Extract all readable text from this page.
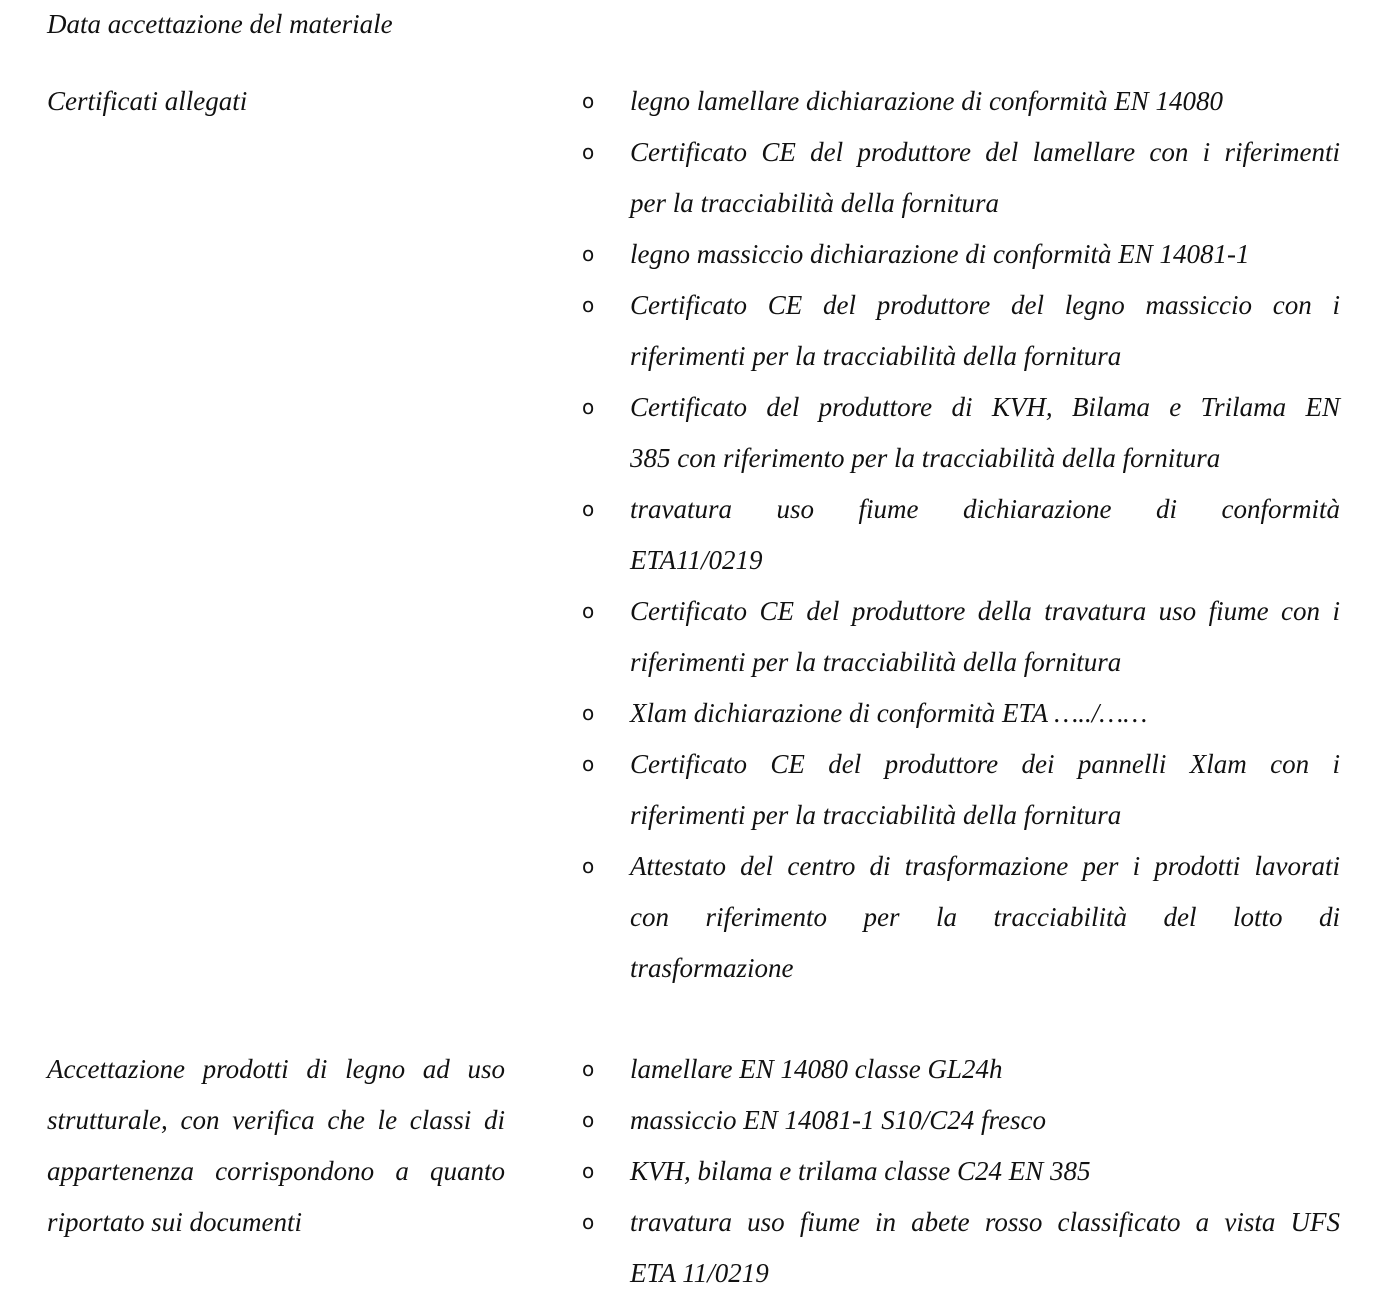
Data accettazione del materiale
Certificati allegati	o legno lamellare dichiarazione di conformità EN 14080
o Certificato CE del produttore del lamellare con i riferimenti
per la tracciabilità della fornitura
o legno massiccio dichiarazione di conformità EN 14081-1
o Certificato CE del produttore del legno massiccio con i
riferimenti per la tracciabilità della fornitura
o Certificato del produttore di KVH, Bilama e Trilama EN
385 con riferimento per la tracciabilità della fornitura
o travatura uso fiume dichiarazione di conformità
ETA11/0219
o Certificato CE del produttore della travatura uso fiume con i
riferimenti per la tracciabilità della fornitura
o Xlam dichiarazione di conformità ETA …../……
o Certificato CE del produttore dei pannelli Xlam con i
riferimenti per la tracciabilità della fornitura
o Attestato del centro di trasformazione per i prodotti lavorati
con riferimento per la tracciabilità del lotto di
trasformazione
Accettazione prodotti di legno ad uso
strutturale, con verifica che le classi di
appartenenza corrispondono a quanto
riportato sui documenti
o lamellare EN 14080 classe GL24h
o massiccio EN 14081-1 S10/C24 fresco
o KVH, bilama e trilama classe C24 EN 385
o travatura uso fiume in abete rosso classificato a vista UFS
ETA 11/0219
